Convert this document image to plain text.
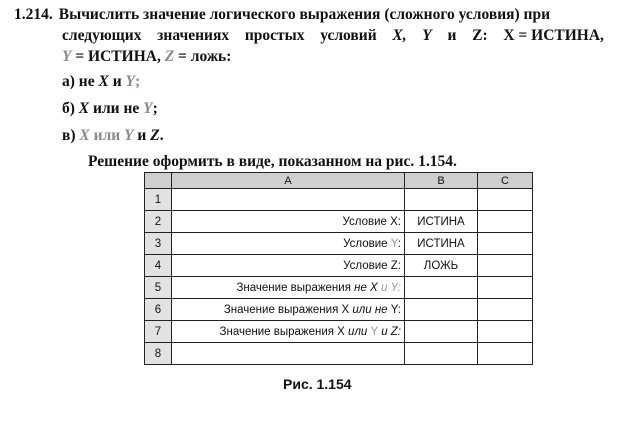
1.214. Вычислить значение логического выражения (сложного условия) при
следующих значениях простых условий X, Y и Z: X = ИСТИНА,
Y = ИСТИНА, Z = ложь:
а) не X и Y;
б) X или не Y;
в) X или Y и Z.
Решение оформить в виде, показанном на рис. 1.154.
	A	B	C
1			
2	Условие X:	ИСТИНА	
3	Условие Y:	ИСТИНА	
4	Условие Z:	ЛОЖЬ	
5	Значение выражения не X и Y:		
6	Значение выражения X или не Y:		
7	Значение выражения X или Y и Z:		
8			
Рис. 1.154
